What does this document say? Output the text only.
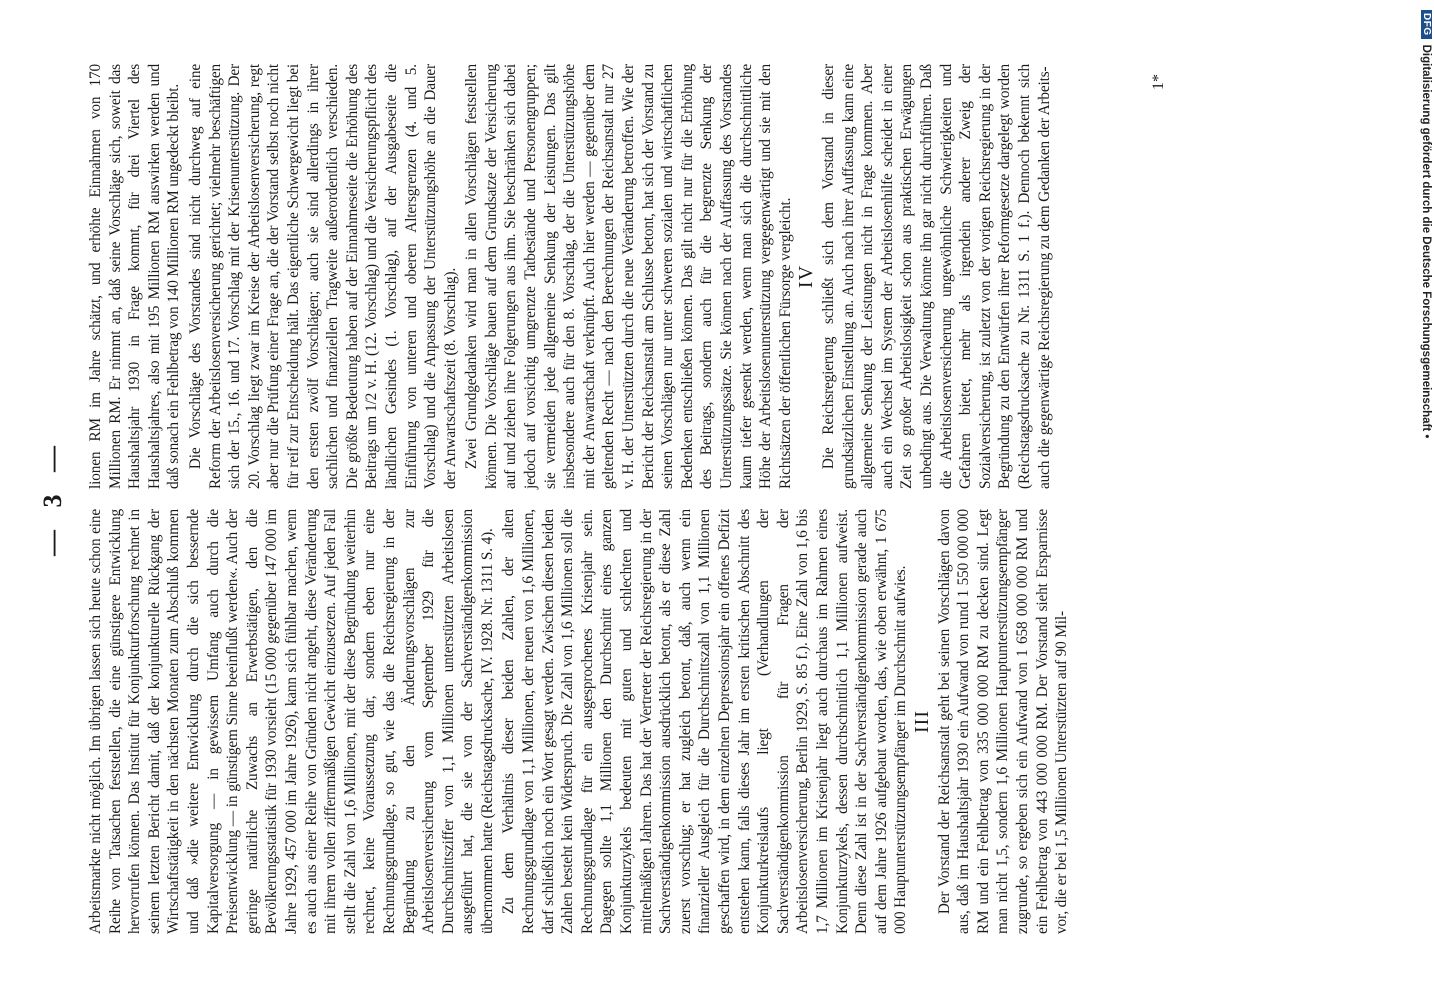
— 3 —

Arbeitsmarkte nicht möglich. Im übrigen lassen sich heute schon eine Reihe von Tatsachen feststellen, die eine günstigere Entwicklung hervorrufen können. Das Institut für Konjunkturforschung rechnet in seinem letzten Bericht damit, daß der konjunkturelle Rückgang der Wirtschaftstätigkeit in den nächsten Monaten zum Abschluß kommen und daß »die weitere Entwicklung durch die sich bessernde Kapitalversorgung — in gewissem Umfang auch durch die Preisentwicklung — in günstigem Sinne beeinflußt werden«. Auch der geringe natürliche Zuwachs an Erwerbstätigen, den die Bevölkerungsstatistik für 1930 vorsieht (15 000 gegenüber 147 000 im Jahre 1929, 457 000 im Jahre 1926), kann sich fühlbar machen, wenn es auch aus einer Reihe von Gründen nicht angeht, diese Veränderung mit ihrem vollen ziffernmäßigen Gewicht einzusetzen. Auf jeden Fall stellt die Zahl von 1,6 Millionen, mit der diese Begründung weiterhin rechnet, keine Voraussetzung dar, sondern eben nur eine Rechnungsgrundlage, so gut, wie das die Reichsregierung in der Begründung zu den Änderungsvorschlägen zur Arbeitslosenversicherung vom September 1929 für die Durchschnittsziffer von 1,1 Millionen unterstützten Arbeitslosen ausgeführt hat, die sie von der Sachverständigenkommission übernommen hatte (Reichstagsdrucksache, IV. 1928. Nr. 1311 S. 4). Zu dem Verhältnis dieser beiden Zahlen, der alten Rechnungsgrundlage von 1,1 Millionen, der neuen von 1,6 Millionen, darf schließlich noch ein Wort gesagt werden. Zwischen diesen beiden Zahlen besteht kein Widerspruch. Die Zahl von 1,6 Millionen soll die Rechnungsgrundlage für ein ausgesprochenes Krisenjahr sein. Dagegen sollte 1,1 Millionen den Durchschnitt eines ganzen Konjunkturzykels bedeuten mit guten und schlechten und mittelmäßigen Jahren. Das hat der Vertreter der Reichsregierung in der Sachverständigenkommission ausdrücklich betont, als er diese Zahl zuerst vorschlug; er hat zugleich betont, daß, auch wenn ein finanzieller Ausgleich für die Durchschnittszahl von 1,1 Millionen geschaffen wird, in dem einzelnen Depressionsjahr ein offenes Defizit entstehen kann, falls dieses Jahr im ersten kritischen Abschnitt des Konjunkturkreislaufs liegt (Verhandlungen der Sachverständigenkommission für Fragen der Arbeitslosenversicherung, Berlin 1929, S. 85 f.). Eine Zahl von 1,6 bis 1,7 Millionen im Krisenjahr liegt auch durchaus im Rahmen eines Konjunkturzykels, dessen durchschnittlich 1,1 Millionen aufweist. Denn diese Zahl ist in der Sachverständigenkommission gerade auch auf dem Jahre 1926 aufgebaut worden, das, wie oben erwähnt, 1 675 000 Hauptunterstützungsempfänger im Durchschnitt aufwies. III Der Vorstand der Reichsanstalt geht bei seinen Vorschlägen davon aus, daß im Haushaltsjahr 1930 ein Aufwand von rund 1 550 000 000 RM und ein Fehlbetrag von 335 000 000 RM zu decken sind. Legt man nicht 1,5, sondern 1,6 Millionen Hauptunterstützungsempfänger zugrunde, so ergeben sich ein Aufwand von 1 658 000 000 RM und ein Fehlbetrag von 443 000 000 RM. Der Vorstand sieht Ersparnisse vor, die er bei 1,5 Millionen Unterstützten auf 90 Mil-

lionen RM im Jahre schätzt, und erhöhte Einnahmen von 170 Millionen RM. Er nimmt an, daß seine Vorschläge sich, soweit das Haushaltsjahr 1930 in Frage kommt, für drei Viertel des Haushaltsjahres, also mit 195 Millionen RM auswirken werden und daß sonach ein Fehlbetrag von 140 Millionen RM ungedeckt bleibt. Die Vorschläge des Vorstandes sind nicht durchweg auf eine Reform der Arbeitslosenversicherung gerichtet; vielmehr beschäftigen sich der 15., 16. und 17. Vorschlag mit der Krisenunterstützung. Der 20. Vorschlag liegt zwar im Kreise der Arbeitslosenversicherung, regt aber nur die Prüfung einer Frage an, die der Vorstand selbst noch nicht für reif zur Entscheidung hält. Das eigentliche Schwergewicht liegt bei den ersten zwölf Vorschlägen; auch sie sind allerdings in ihrer sachlichen und finanziellen Tragweite außerordentlich verschieden. Die größte Bedeutung haben auf der Einnahmeseite die Erhöhung des Beitrags um 1/2 v. H. (12. Vorschlag) und die Versicherungspflicht des ländlichen Gesindes (1. Vorschlag), auf der Ausgabeseite die Einführung von unteren und oberen Altersgrenzen (4. und 5. Vorschlag) und die Anpassung der Unterstützungshöhe an die Dauer der Anwartschaftszeit (8. Vorschlag). Zwei Grundgedanken wird man in allen Vorschlägen feststellen können. Die Vorschläge bauen auf dem Grundsatze der Versicherung auf und ziehen ihre Folgerungen aus ihm. Sie beschränken sich dabei jedoch auf vorsichtig umgrenzte Tatbestände und Personengruppen; sie vermeiden jede allgemeine Senkung der Leistungen. Das gilt insbesondere auch für den 8. Vorschlag, der die Unterstützungshöhe mit der Anwartschaft verknüpft. Auch hier werden — gegenüber dem geltenden Recht — nach den Berechnungen der Reichsanstalt nur 27 v. H. der Unterstützten durch die neue Veränderung betroffen. Wie der Bericht der Reichsanstalt am Schlusse betont, hat sich der Vorstand zu seinen Vorschlägen nur unter schweren sozialen und wirtschaftlichen Bedenken entschließen können. Das gilt nicht nur für die Erhöhung des Beitrags, sondern auch für die begrenzte Senkung der Unterstützungssätze. Sie können nach der Auffassung des Vorstandes kaum tiefer gesenkt werden, wenn man sich die durchschnittliche Höhe der Arbeitslosenunterstützung vergegenwärtigt und sie mit den Richtsätzen der öffentlichen Fürsorge vergleicht. IV Die Reichsregierung schließt sich dem Vorstand in dieser grundsätzlichen Einstellung an. Auch nach ihrer Auffassung kann eine allgemeine Senkung der Leistungen nicht in Frage kommen. Aber auch ein Wechsel im System der Arbeitslosenhilfe scheidet in einer Zeit so großer Arbeitslosigkeit schon aus praktischen Erwägungen unbedingt aus. Die Verwaltung könnte ihn gar nicht durchführen. Daß die Arbeitslosenversicherung ungewöhnliche Schwierigkeiten und Gefahren bietet, mehr als irgendein anderer Zweig der Sozialversicherung, ist zuletzt von der vorigen Reichsregierung in der Begründung zu den Entwürfen ihrer Reformgesetze dargelegt worden (Reichstagsdrucksache zu Nr. 1311 S. 1 f.). Dennoch bekennt sich auch die gegenwärtige Reichsregierung zu dem Gedanken der Arbeits-	1*
DFGDigitalisierung gefördert durch die Deutsche Forschungsgemeinschaft •
